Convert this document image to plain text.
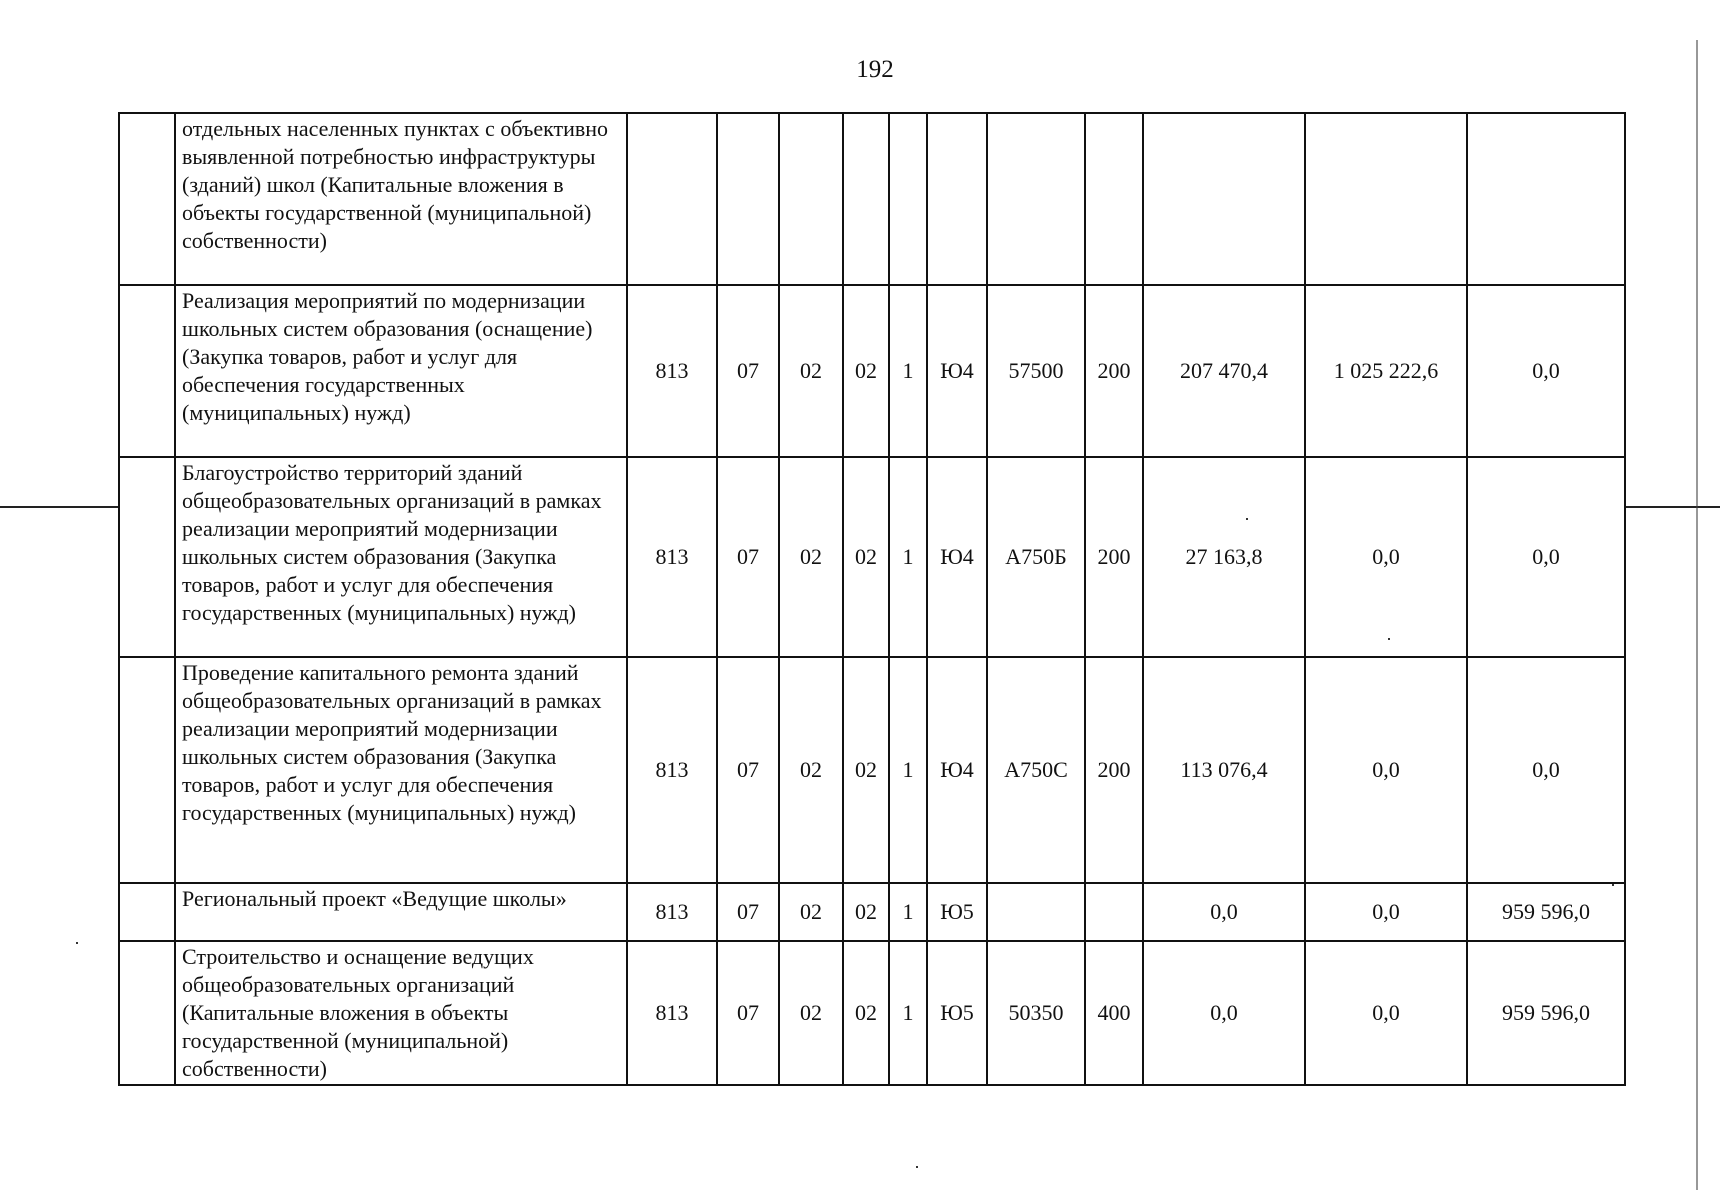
192
	отдельных населенных пунктах с объективно выявленной потребностью инфраструктуры (зданий) школ (Капитальные вложения в объекты государственной (муниципальной) собственности)											
	Реализация мероприятий по модернизации школьных систем образования (оснащение) (Закупка товаров, работ и услуг для обеспечения государственных (муниципальных) нужд)	813	07	02	02	1	Ю4	57500	200	207 470,4	1 025 222,6	0,0
	Благоустройство территорий зданий общеобразовательных организаций в рамках реализации мероприятий модернизации школьных систем образования (Закупка товаров, работ и услуг для обеспечения государственных (муниципальных) нужд)	813	07	02	02	1	Ю4	А750Б	200	27 163,8	0,0	0,0
	Проведение капитального ремонта зданий общеобразовательных организаций в рамках реализации мероприятий модернизации школьных систем образования (Закупка товаров, работ и услуг для обеспечения государственных (муниципальных) нужд)	813	07	02	02	1	Ю4	А750С	200	113 076,4	0,0	0,0
	Региональный проект «Ведущие школы»	813	07	02	02	1	Ю5			0,0	0,0	959 596,0
	Строительство и оснащение ведущих общеобразовательных организаций (Капитальные вложения в объекты государственной (муниципальной) собственности)	813	07	02	02	1	Ю5	50350	400	0,0	0,0	959 596,0
